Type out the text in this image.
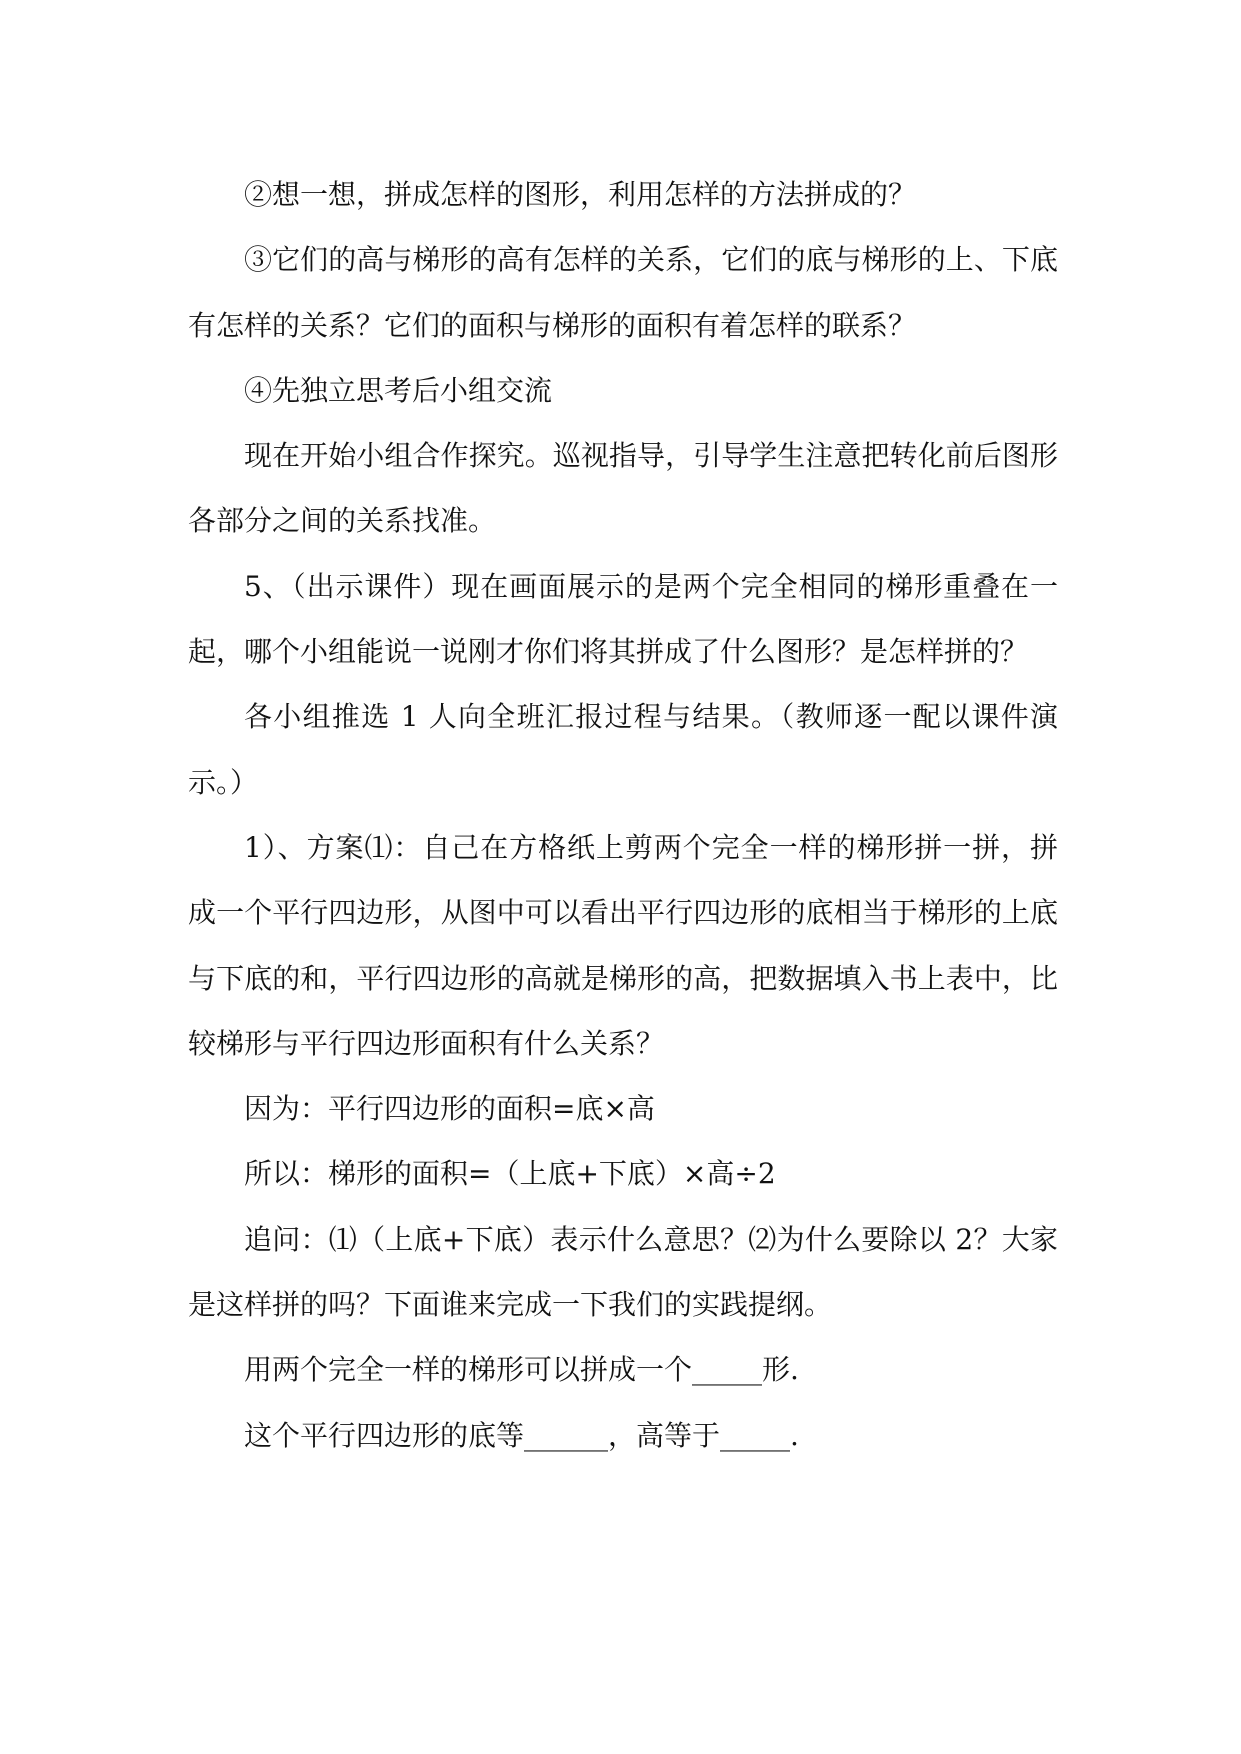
②想一想，拼成怎样的图形，利用怎样的方法拼成的？

③它们的高与梯形的高有怎样的关系，它们的底与梯形的上、下底有怎样的关系？它们的面积与梯形的面积有着怎样的联系？

④先独立思考后小组交流

现在开始小组合作探究。巡视指导，引导学生注意把转化前后图形各部分之间的关系找准。

5、（出示课件）现在画面展示的是两个完全相同的梯形重叠在一起，哪个小组能说一说刚才你们将其拼成了什么图形？是怎样拼的？

各小组推选 1 人向全班汇报过程与结果。（教师逐一配以课件演示。）

1）、方案⑴：自己在方格纸上剪两个完全一样的梯形拼一拼，拼成一个平行四边形，从图中可以看出平行四边形的底相当于梯形的上底与下底的和，平行四边形的高就是梯形的高，把数据填入书上表中，比较梯形与平行四边形面积有什么关系？

因为：平行四边形的面积=底×高

所以：梯形的面积=（上底+下底）×高÷2

追问：⑴（上底+下底）表示什么意思？⑵为什么要除以 2？大家是这样拼的吗？下面谁来完成一下我们的实践提纲。

用两个完全一样的梯形可以拼成一个_____形.

这个平行四边形的底等______，高等于_____.
